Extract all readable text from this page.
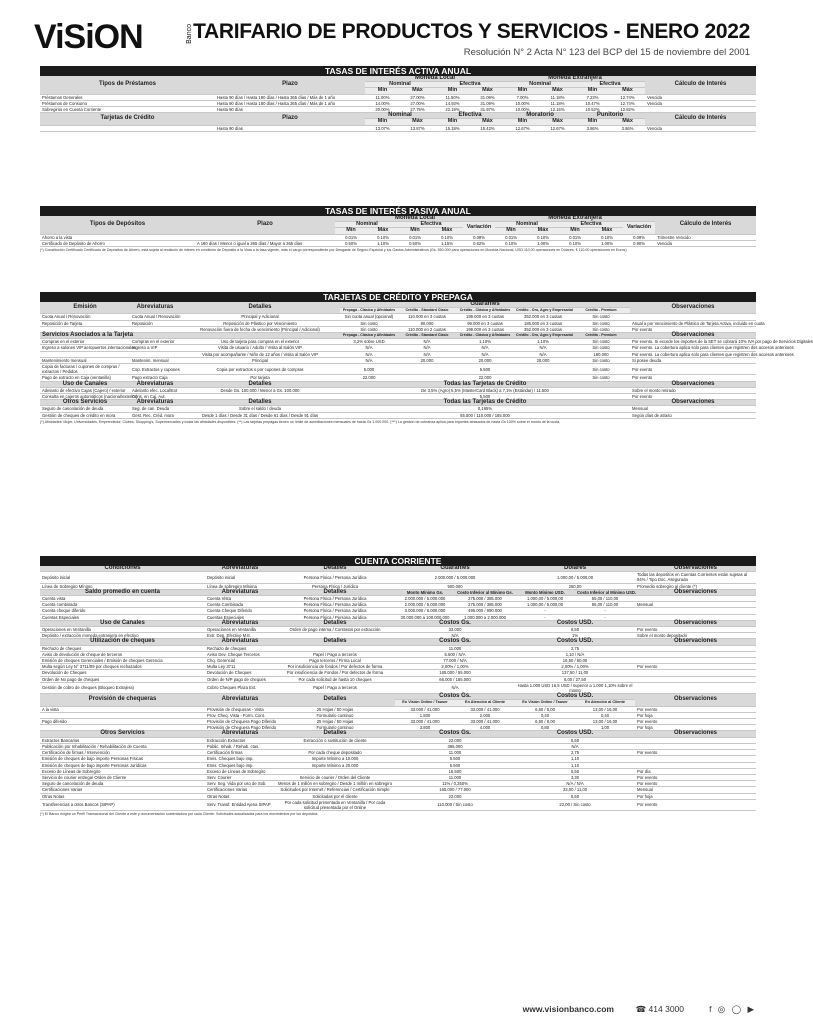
ViSiON	Banco TARIFARIO DE PRODUCTOS Y SERVICIOS - ENERO 2022
Resolución N° 2 Acta N° 123 del BCP del 15 de noviembre del 2001
TASAS DE INTERÉS ACTIVA ANUAL
Tipos de Préstamos	Plazo	Moneda Local				Moneda Extranjera				Cálculo de Interés
		Nominal		Efectiva		Nominal		Efectiva		
		Mín	Máx	Mín	Máx	Mín	Máx	Mín	Máx	
Préstamos Generales	Hasta 90 días / Hasta 180 días / Hasta 365 días / Más de 1 año	11.00%	27.00%	11.50%	31.09%	7.00%	11.18%	7.23%	12.74%	Vencida
Préstamos de Consumo	Hasta 90 días / Hasta 180 días / Hasta 365 días / Más de 1 año	14.00%	27.00%	14.93%	31.09%	10.00%	11.18%	10.47%	12.74%	Vencida
Sobregiros en Cuenta Corriente	Hasta 90 días	20.00%	27.75%	22.19%	31.97%	10.00%	12.15%	10.52%	12.82%	
Tarjetas de Crédito	Plazo	Nominal		Efectiva		Moratorio		Punitorio		Cálculo de Interés
		Mín	Máx	Mín	Máx	Mín	Máx	Mín	Máx	
	Hasta 90 días	13.07%	13.87%	15.18%	15.42%	12.67%	12.67%	3.86%	3.66%	Vencida
TASAS DE INTERÉS PASIVA ANUAL
Tipos de Depósitos	Plazo	Moneda Local					Moneda Extranjera					Cálculo de Interés
		Nominal		Efectiva		Variación	Nominal		Efectiva		Variación	
		Mín	Máx	Mín	Máx		Mín	Máx	Mín	Máx		
Ahorro a la vista		0.01%	0.10%	0.01%	0.10%	0.09%	0.01%	0.10%	0.01%	0.10%	0.09%	Trimestre Vencido
Certificado de Depósito de Ahorro	A 180 días / Menor o igual a 365 días / Mayor a 365 días	0.50%	1.10%	0.50%	1.15%	0.62%	0.10%	1.00%	0.10%	1.00%	0.90%	Vencida
(*) Constitución Certificado Certificado de Depósitos de Ahorro, está sujeta al recálculo de interés en condición de Depósito a la Vista a la tasa vigente, más el cargo correspondiente por Desgaste de Seguro Especial y los Gastos Administrativos (Gs. 550.000 para operaciones en Moneda Nacional, USD 110.00 operaciones en Dólares, € 110.00 operaciones en Euros)
TARJETAS DE CRÉDITO Y PREPAGA
Emisión	Abreviaturas	Detalles	Guaranies					Observaciones
			Prepaga - Clásica y Afinidades	Crédito - Standard Clasic	Crédito - Clásica y Afinidades	Crédito - Oro, Agro y Empresarial	Crédito - Premium	
Cuota Anual / Renovación	Cuota Anual / Renovación	Principal y Adicional	Sin cuota anual (opcional)	110.000 en 3 cuotas	199.000 en 3 cuotas	352.000 en 3 cuotas	Sin costo	
Reposición de Tarjeta	Reposición	Reposición de Plástico por Vencimiento	Sin costo	80.000	99.000 en 3 cuotas	185.000 en 3 cuotas	Sin costo	Anual a por Vencimiento de Plástico de Tarjeta Activa, incluido en cuota
		Renovación fuera de fecha de vencimiento (Principal / Adicional)	Sin costo	110.000 en 2 cuotas	199.000 en 3 cuotas	352.000 en 3 cuotas	Sin costo	Por evento
Servicios Asociados a la Tarjeta			Prepaga - Clásica y Afinidades	Crédito - Standard Clasic	Crédito - Clásica y Afinidades	Crédito - Oro, Agro y Empresarial	Crédito - Premium	Observaciones
Compras en el exterior	Compras en el exterior	Uso de tarjeta para compras en el exterior	3,2% sobre USD	N/A	1,10%	1,10%	Sin costo	Por evento. Si excede los importes de la SET se cobrará 10% IVA por pago de Servicios Digitales
Ingreso a salones VIP aeropuertos internacionales	Ingreso a VIP	Visita de usuario / Adulto / Visita al Salón VIP	N/A	N/A	N/A	N/A	Sin costo	Por evento. La cobertura aplica solo para clientes que registren dos accesos anteriores
		Visita por acompañante / Niño de 12 años / Visita al Salón VIP	N/A	N/A	N/A	N/A	180.000	Por evento. La cobertura aplica solo para clientes que registren dos accesos anteriores
Mantenimiento mensual	Mantenim. mensual	Principal	N/A	20.000	20.000	20.000	Sin costo	Si posee deuda
Copia de facturas / cupones de compras / extractos / Pedidos	Cop. Extractos y cupones	Copia por extractos o por cupones de compras	5.000		5.500		Sin costo	Por evento
Pago de extracto en Caja (ventanilla)	Pago extracto Caja	Por tarjeta	22.000		22.000		Sin costo	Por evento
Uso de Canales	Abreviaturas	Detalles	Todas las Tarjetas de Crédito	Observaciones
Adelanto de efectivo Cajas (Cajero) / exterior	Adelanto efec. Local/Ext	Desde Gs. 100.000 / Menor a Gs. 100.000	De 3,5% (Agro) 5,5% (MasterCard Black) a 7,1% (Estándar) / 11.500	Sobre el monto retirado
Consulta en cajeros automáticos (nacional/exterior)	Cons. en Caj. Aut.		5.500	Por evento
Otros Servicios	Abreviaturas	Detalles	Todas las Tarjetas de Crédito	Observaciones
Seguro de cancelación de deuda	Seg. de can. Deuda	Sobre el saldo / deuda	0,165%	Mensual
Gestión de cheques de crédito en mora	Gest. Rec. Créd. mora	Desde 1 días / Desde 31 días / Desde 61 días / Desde 91 días	55.000 / 110.000 / 165.000	Según días de atraso
(*) Afinidades: Mujer, Universidades, Emprendedor, Clubes, Shopping's, Supermercados y todas las afinidades disponibles. (**) Las tarjetas prepagas tienen un límite de acreditaciones mensuales de hasta Gs 1.000.000. (***) La gestión de cobranza aplica para importes atrasados de hasta Gs 100% sobre el monto de la cuota.
CUENTA CORRIENTE
Condiciones	Abreviaturas	Detalles	Guaranies		Dólares		Observaciones
Depósito inicial	Depósito inicial	Persona Física / Persona Jurídica	2.000.000 / 5.000.000		1.000,00 / 5.000,00		Todas las depositos en Cuentas Corrientes están sujetas al 94% / Tipo Doc. Asegurada
Línea de Sobregiro Mínimo	Línea de sobregiro Mínima	Persona Física / Jurídica	500.000		250,00		Promedio sobregiro al cliente (*)
Saldo promedio en cuenta	Abreviaturas	Detalles	Monto Mínimo Gs.	Costo Inferior al Mínimo Gs.	Monto Mínimo USD.	Costo Inferior al Mínimo USD.	Observaciones
Cuenta vista	Cuenta Vista	Persona Física / Persona Jurídica	2.000.000 / 5.000.000	275.000 / 385.000	1.000,00 / 5.000,00	55,00 / 110,00	
Cuenta combinada	Cuenta Combinada	Persona Física / Persona Jurídica	2.000.000 / 5.000.000	275.000 / 385.000	1.000,00 / 5.000,00	55,00 / 110,00	Mensual
Cuenta cheque diferido	Cuenta Cheque Diferido	Persona Física / Persona Jurídica	3.000.000 / 6.000.000	495.000 / 990.000	-	-	
Cuentas Especiales	Cuentas Especiales	Persona Física / Persona Jurídica	30.000.000 a 100.000.000	1.000.000 a 2.000.000	-	-	
Uso de Canales	Abreviaturas	Detalles	Costos Gs.		Costos USD.		Observaciones
Operaciones en Ventanilla	Operaciones en Ventanilla	Orden de pago interna / Contratos por extracción	33.000		6,50		Por evento
Depósito / extracción moneda extranjera en efectivo	Extr. Dep. Efectivo M.E.		N/A		1%		Sobre el monto depositado
Utilización de cheques	Abreviaturas	Detalles	Costos Gs.		Costos USD.		Observaciones
Rechazo de cheques	Rechazo de cheques		11.000		2,75		
Aviso de devolución de cheque de terceros	Aviso Dev. Cheque Terceros	Papel / Pago a terceros	5.500 / N/A		1,10 / N/A		
Emisión de cheques Gerenciales / Emisión de cheques Gerencia	Chq. Gerencial	Pago terceros / Firma Local	77.000 / N/A		16,50 / 60,00		
Multa según Ley N° 3711/09 por cheques rechazados	Multa Ley 3711	Por insuficiencia de fondos / Por defectos de forma	2,00% / 1,00%		2,00% / 1,00%		Por evento
Devolución de Cheques	Devolución de Cheques	Por insuficiencia de Fondos / Por defectos de forma	165.000 / 55.000		137,50 / 11,00		
Orden de No pago de cheques	Orden de N/P pago de cheques	Por cada solicitud de hasta 10 cheques	66.000 / 165.000		6,00 / 27,50		
Gestión de cobro de cheques (Bloqueo Extrajera)	Cobro Cheques Plaza Ext.	Papel / Pago a terceros	N/A		Hasta 1.000 USD 16,5 USD / superior a 1.000 1,10% sobre el monto		
Provisión de chequeras	Abreviaturas	Detalles	Costos Gs.		Costos USD.		Observaciones
			En Visión Online / Tauser	En Atención al Cliente	En Visión Online / Tauser	En Atención al Cliente	
A la vista	Provisión de chequeras - Vista	25 Hojas / 50 Hojas	33.000 / 41.000	33.000 / 41.000	6,50 / 8,00	13,00 / 16,00	Por evento
	Prov. Cheq. Vista - Form. Cont.	Formulario continuo	1.800	2.000	0,40	0,40	Por hoja
Pago diferido	Provisión de Chequera Pago Diferido	25 Hojas / 50 Hojas	33.000 / 41.000	33.000 / 41.000	6,50 / 8,00	13,00 / 16,00	Por evento
	Provisión de Chequera Pago Diferido	Formulario continuo	3.800	4.000	0,80	1,00	Por hoja
Otros Servicios	Abreviaturas	Detalles	Costos Gs.		Costos USD.		Observaciones
Extractos Bancarios	Extracción Extractos	Extracción o sustitución de cliente	22.000		5,50		
Publicación por Inhabilitación / Rehabilitación de Cuenta	Public. Inhab. / Rehab. ctas.		385.000		N/A		
Certificación de firmas / Intervención	Certificación firmas	Por cada cheque depositado	11.000		2,75		Por evento
Emisión de cheques de bajo importe Personas Físicas	Emis. Cheques bajo imp.	Importe Mínimo a 10.000	5.500		1,10		
Emisión de cheques de bajo importe Personas Jurídicas	Emis. Cheques bajo imp.	Importe Mínimo a 20.000	5.500		1,10		
Exceso de Líneas de Sobregiro	Exceso de Líneas de Sobregiro		16.500		5,50		Por día
Servicio de courier entrega/ Orden de Cliente	Serv. Courier	Servicio de courier / Orden del Cliente	11.000		3,30		Por evento
Seguro de cancelación de deuda	Serv. Seg. Vida por uso de Sob.	Menos de 1 millón en sobregiro / Desde 1 millón en sobregiro	11% / 0,350%		N/A / N/A		Por evento
Certificaciones Varias	Certificaciones Varias	Solicitudes por Internet / Referencias / Certificación Simple	165.000 / 77.000		33,00 / 11,00		Mensual
Otras Notas	Otras Notas	Solicitadas por el cliente	22.000		5,50		Por hoja
Transferencias a otros Bancos (SIPAP)	Serv. Transf. Entidad Ajena SIPAP	Por cada solicitud presentada en Ventanilla / Por cada solicitud presentada por el Online	110.000 / Sin costo		22,00 / Sin costo		Por evento
(*) El Banco exigirá un Perfil Transaccional del Cliente a este y documentación sustentadora por cada Cliente. Solicitudes actualizadas para los movimientos por los depósitos.
www.visionbanco.com	☎ 414 3000	f ◎ ◯ ▶
